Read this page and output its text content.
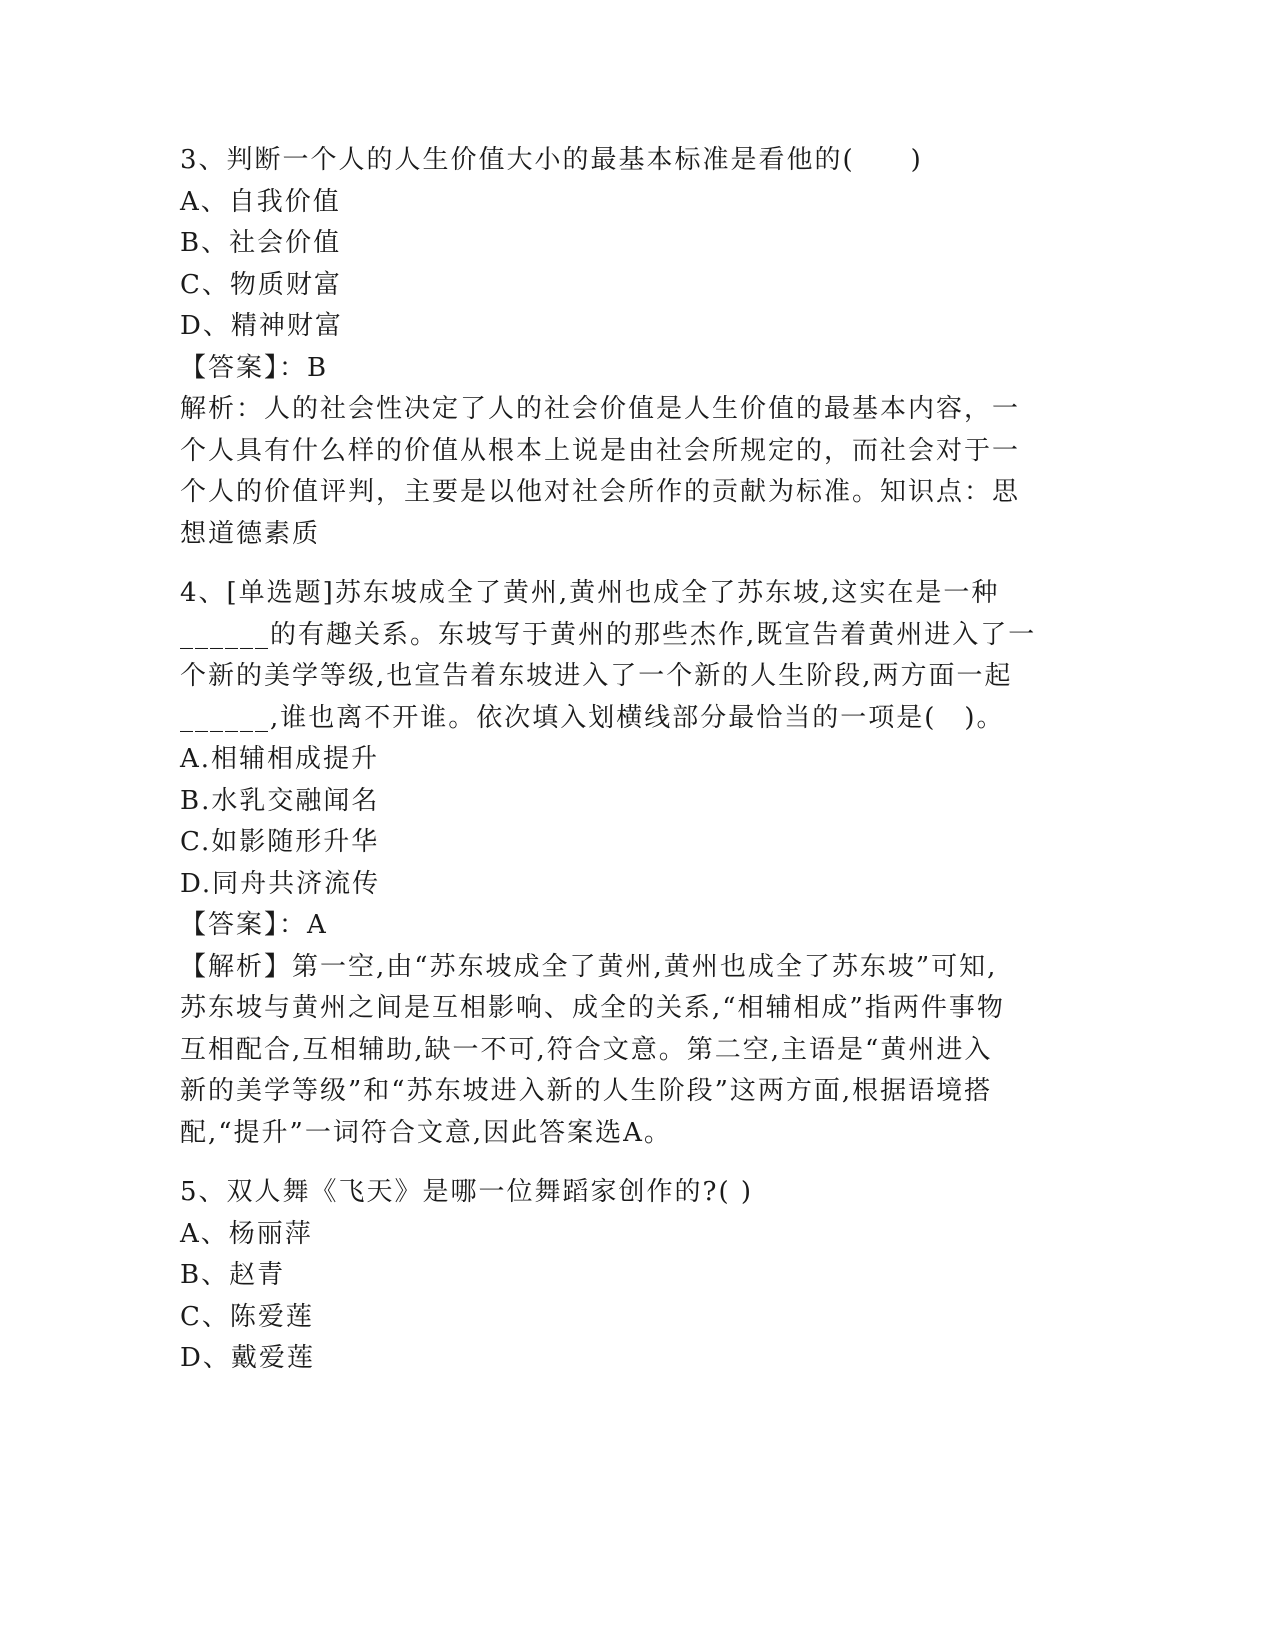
3、判断一个人的人生价值大小的最基本标准是看他的(　　)
A、自我价值
B、社会价值
C、物质财富
D、精神财富
【答案】：B
解析：人的社会性决定了人的社会价值是人生价值的最基本内容，一
个人具有什么样的价值从根本上说是由社会所规定的，而社会对于一
个人的价值评判，主要是以他对社会所作的贡献为标准。知识点：思
想道德素质
4、[单选题]苏东坡成全了黄州,黄州也成全了苏东坡,这实在是一种
______的有趣关系。东坡写于黄州的那些杰作,既宣告着黄州进入了一
个新的美学等级,也宣告着东坡进入了一个新的人生阶段,两方面一起
______,谁也离不开谁。依次填入划横线部分最恰当的一项是(　)。
A.相辅相成提升
B.水乳交融闻名
C.如影随形升华
D.同舟共济流传
【答案】：A
【解析】第一空,由“苏东坡成全了黄州,黄州也成全了苏东坡”可知,
苏东坡与黄州之间是互相影响、成全的关系,“相辅相成”指两件事物
互相配合,互相辅助,缺一不可,符合文意。第二空,主语是“黄州进入
新的美学等级”和“苏东坡进入新的人生阶段”这两方面,根据语境搭
配,“提升”一词符合文意,因此答案选A。
5、双人舞《飞天》是哪一位舞蹈家创作的?( )
A、杨丽萍
B、赵青
C、陈爱莲
D、戴爱莲
